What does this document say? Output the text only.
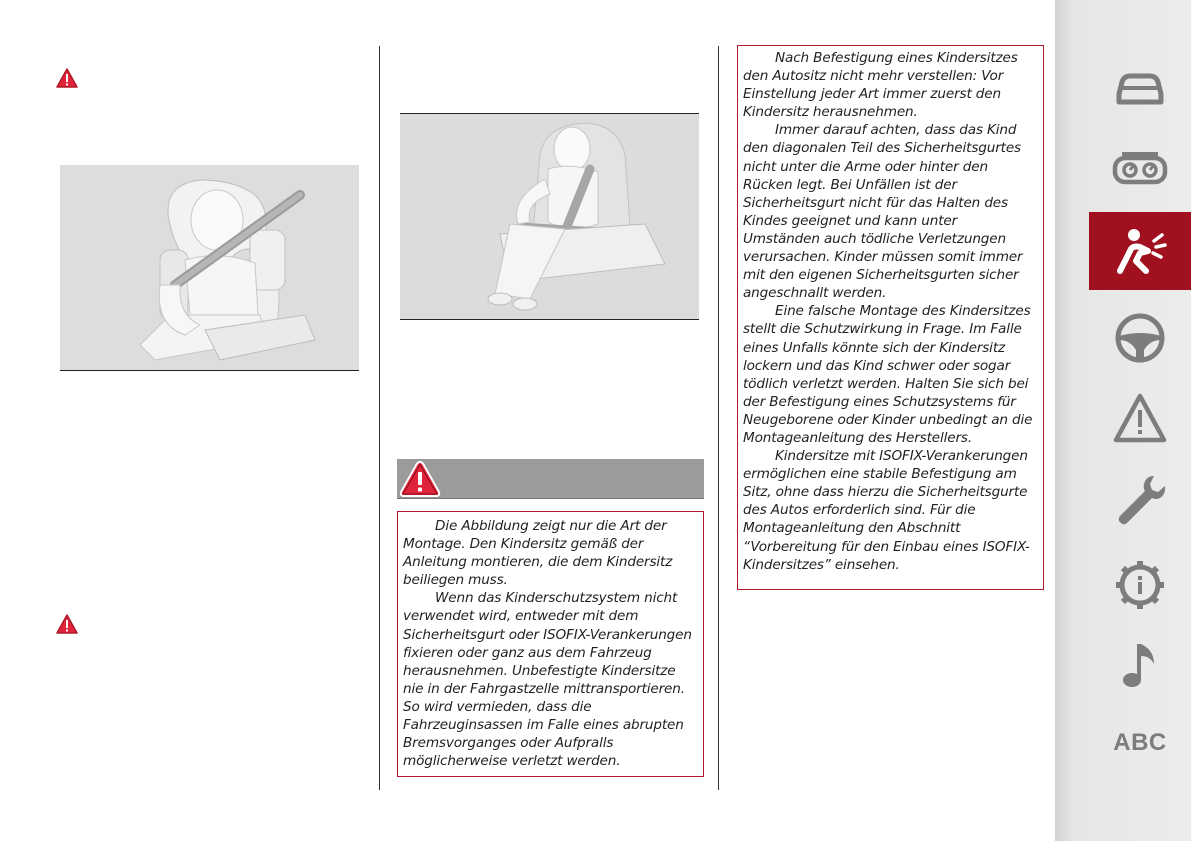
Die Abbildung zeigt nur die Art der Montage. Den Kindersitz gemäß der Anleitung montieren, die dem Kindersitz beiliegen muss.

Wenn das Kinderschutzsystem nicht verwendet wird, entweder mit dem Sicherheitsgurt oder ISOFIX-Verankerungen fixieren oder ganz aus dem Fahrzeug herausnehmen. Unbefestigte Kindersitze nie in der Fahrgastzelle mittransportieren. So wird vermieden, dass die Fahrzeuginsassen im Falle eines abrupten Bremsvorganges oder Aufpralls möglicherweise verletzt werden.

Nach Befestigung eines Kindersitzes den Autositz nicht mehr verstellen: Vor Einstellung jeder Art immer zuerst den Kindersitz herausnehmen.

Immer darauf achten, dass das Kind den diagonalen Teil des Sicherheitsgurtes nicht unter die Arme oder hinter den Rücken legt. Bei Unfällen ist der Sicherheitsgurt nicht für das Halten des Kindes geeignet und kann unter Umständen auch tödliche Verletzungen verursachen. Kinder müssen somit immer mit den eigenen Sicherheitsgurten sicher angeschnallt werden.

Eine falsche Montage des Kindersitzes stellt die Schutzwirkung in Frage. Im Falle eines Unfalls könnte sich der Kindersitz lockern und das Kind schwer oder sogar tödlich verletzt werden. Halten Sie sich bei der Befestigung eines Schutzsystems für Neugeborene oder Kinder unbedingt an die Montageanleitung des Herstellers.

Kindersitze mit ISOFIX-Verankerungen ermöglichen eine stabile Befestigung am Sitz, ohne dass hierzu die Sicherheitsgurte des Autos erforderlich sind. Für die Montageanleitung den Abschnitt “Vorbereitung für den Einbau eines ISOFIX-Kindersitzes” einsehen.

ABC
